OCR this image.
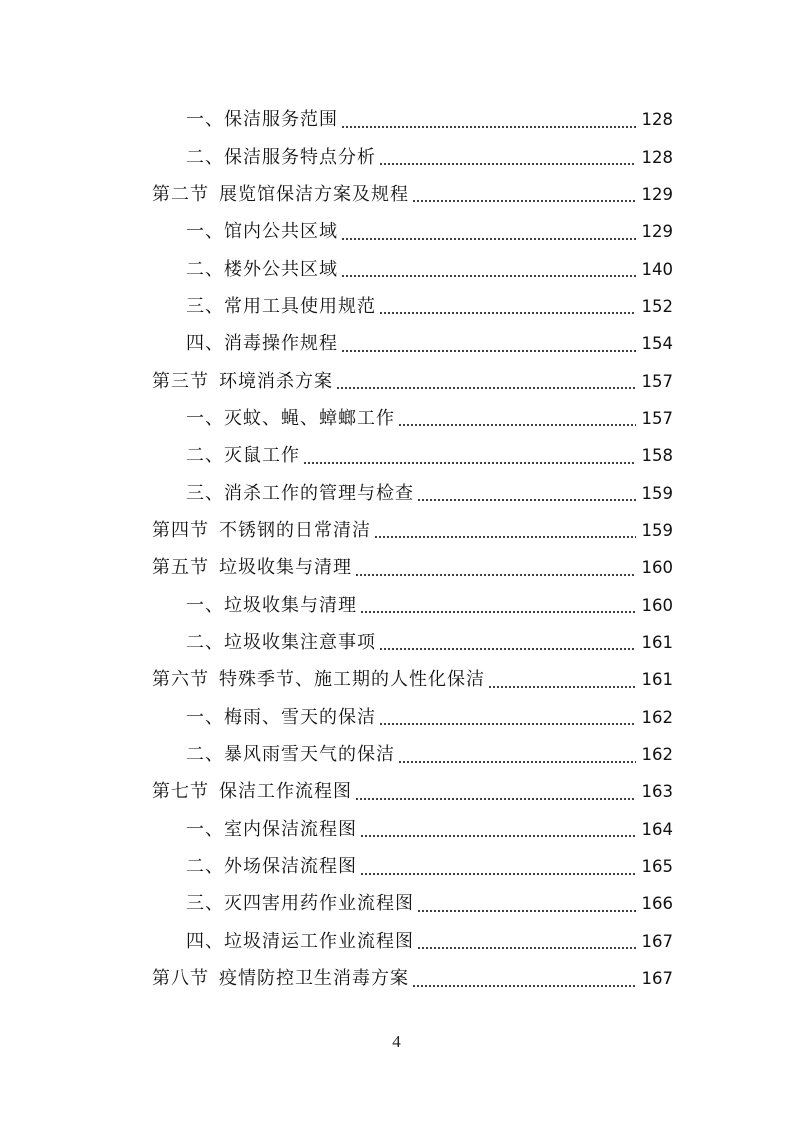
一、 保洁服务范围	128
二、 保洁服务特点分析	128
第二节 展览馆保洁方案及规程	129
一、 馆内公共区域	129
二、 楼外公共区域	140
三、 常用工具使用规范	152
四、 消毒操作规程	154
第三节 环境消杀方案	157
一、 灭蚊、蝇、蟑螂工作	157
二、 灭鼠工作	158
三、 消杀工作的管理与检查	159
第四节 不锈钢的日常清洁	159
第五节 垃圾收集与清理	160
一、 垃圾收集与清理	160
二、 垃圾收集注意事项	161
第六节 特殊季节、施工期的人性化保洁	161
一、 梅雨、雪天的保洁	162
二、 暴风雨雪天气的保洁	162
第七节 保洁工作流程图	163
一、 室内保洁流程图	164
二、 外场保洁流程图	165
三、 灭四害用药作业流程图	166
四、 垃圾清运工作业流程图	167
第八节 疫情防控卫生消毒方案	167
4
